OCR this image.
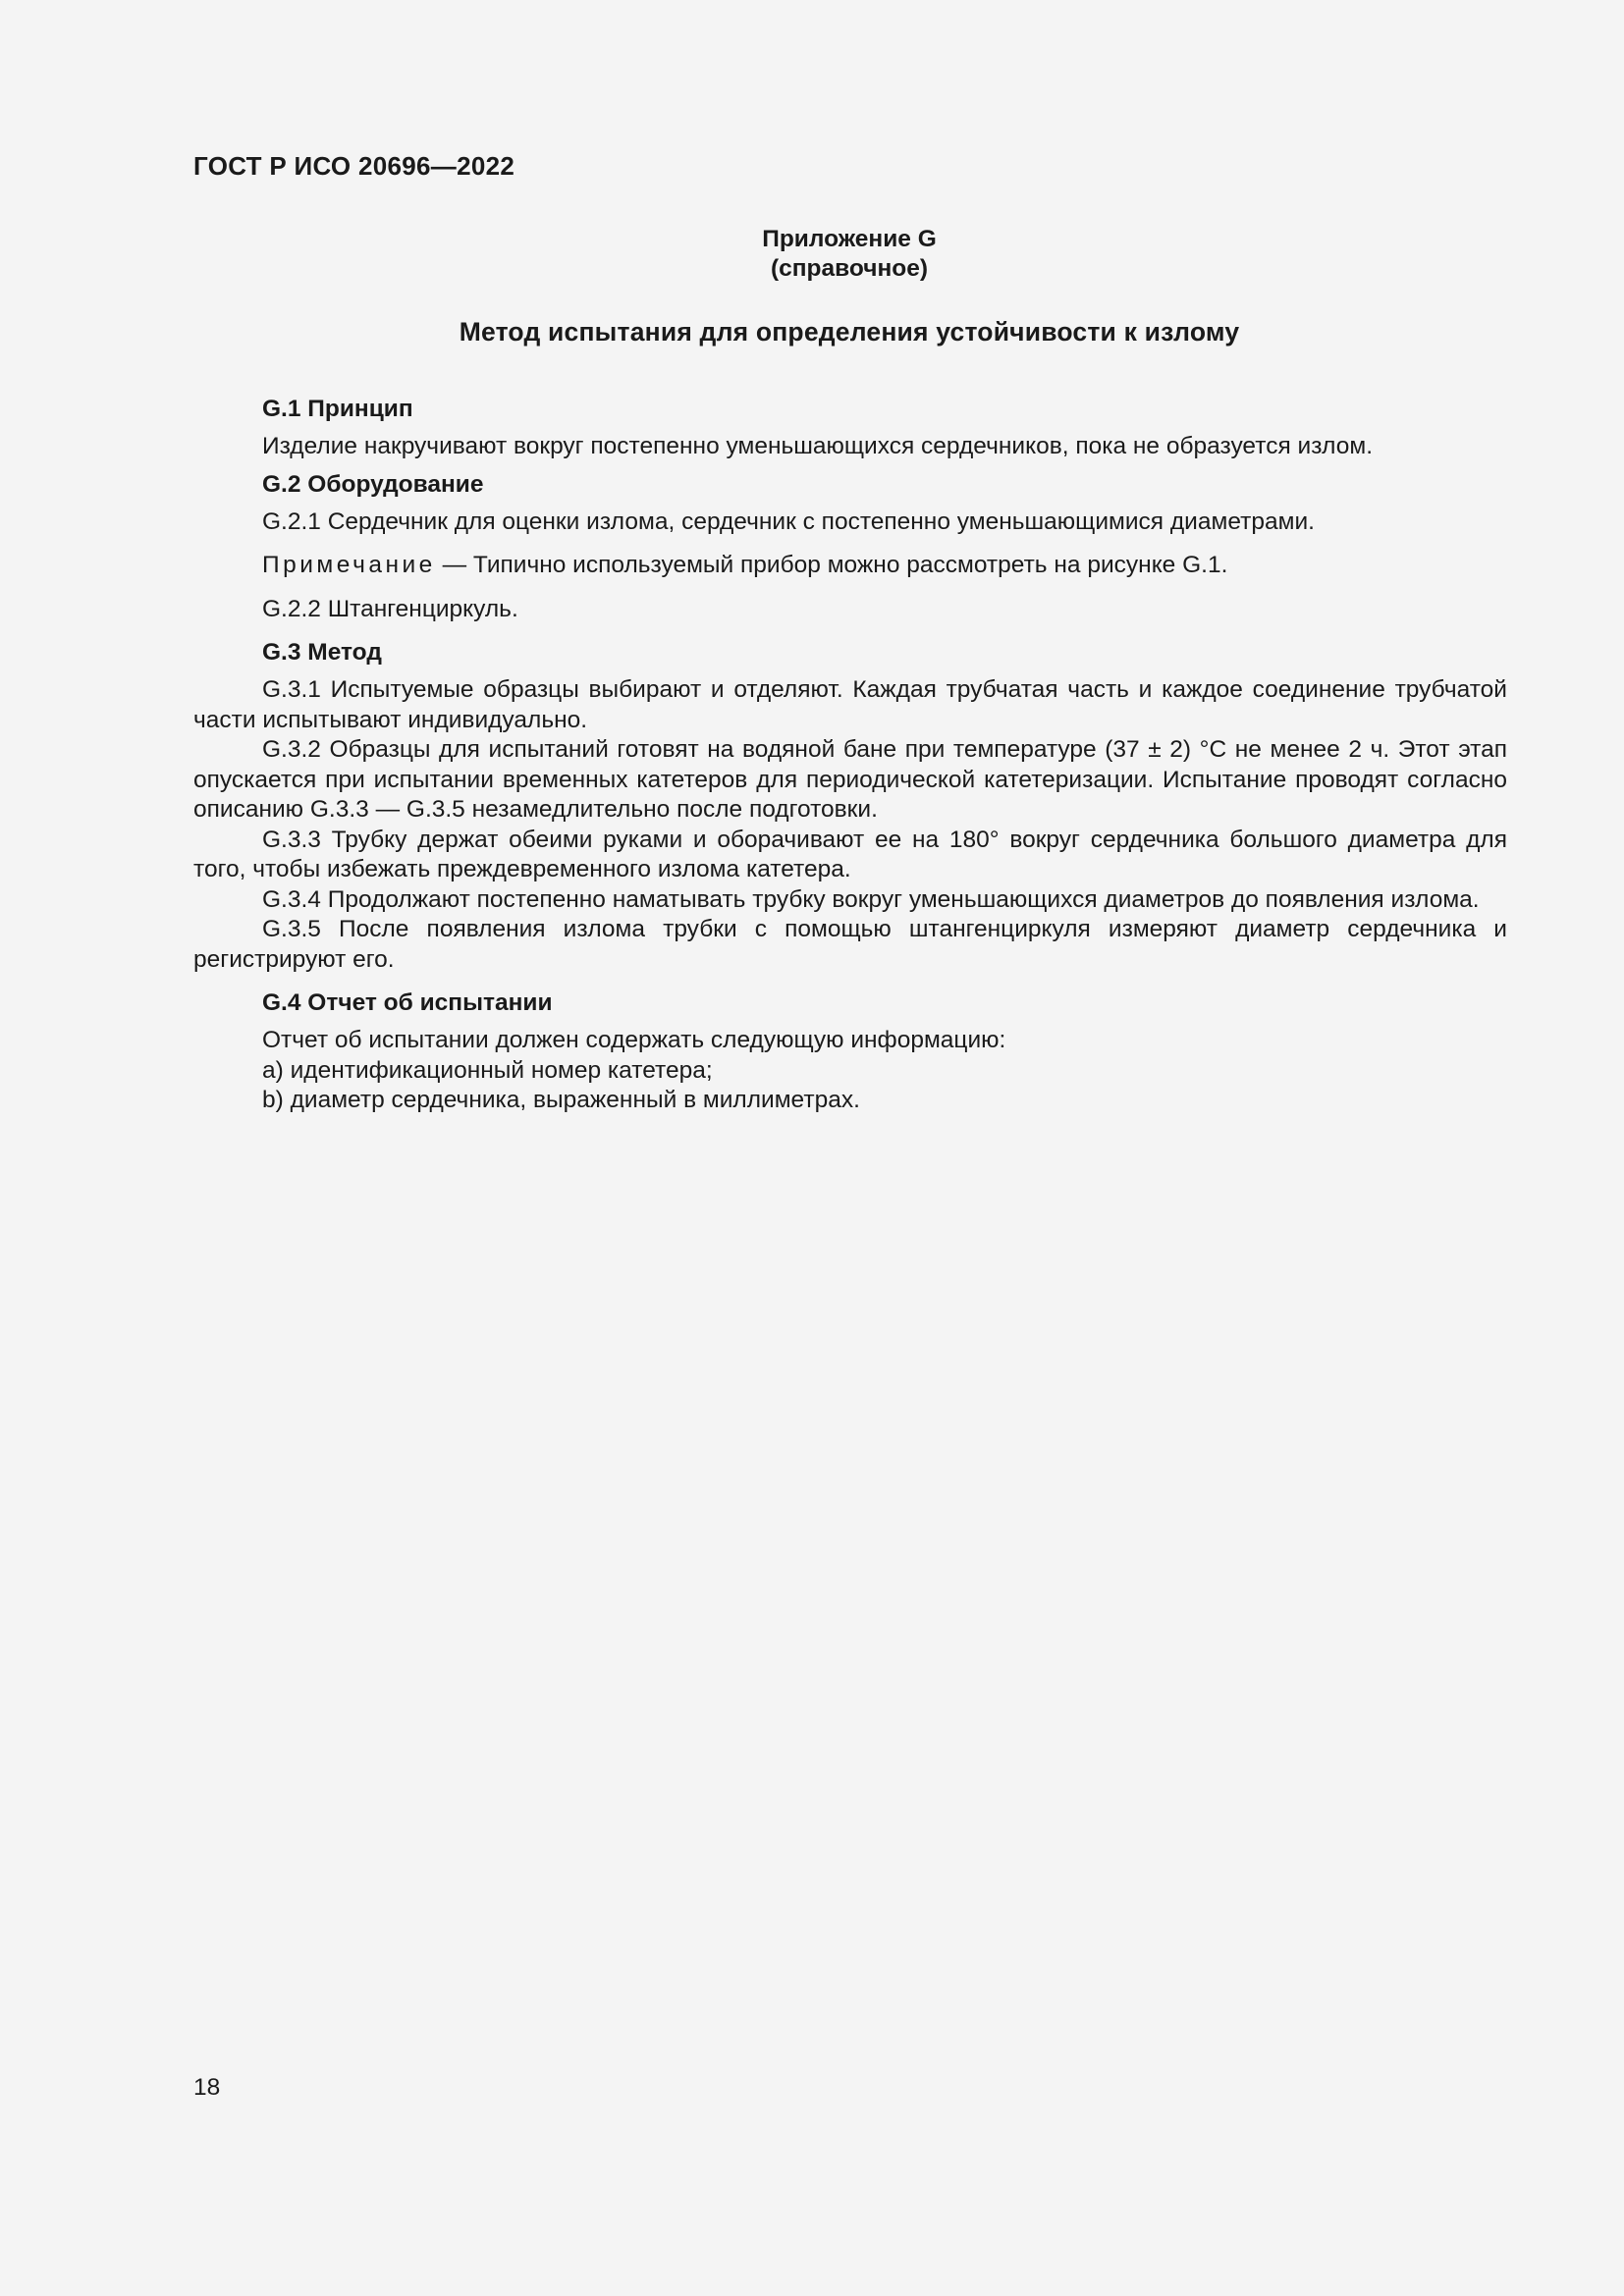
ГОСТ Р ИСО 20696—2022
Приложение G
(справочное)
Метод испытания для определения устойчивости к излому
G.1 Принцип

Изделие накручивают вокруг постепенно уменьшающихся сердечников, пока не образуется излом.

G.2 Оборудование

G.2.1 Сердечник для оценки излома, сердечник с постепенно уменьшающимися диаметрами.

Примечание — Типично используемый прибор можно рассмотреть на рисунке G.1.

G.2.2 Штангенциркуль.

G.3 Метод

G.3.1 Испытуемые образцы выбирают и отделяют. Каждая трубчатая часть и каждое соединение трубчатой части испытывают индивидуально.

G.3.2 Образцы для испытаний готовят на водяной бане при температуре (37 ± 2) °С не менее 2 ч. Этот этап опускается при испытании временных катетеров для периодической катетеризации. Испытание проводят согласно описанию G.3.3 — G.3.5 незамедлительно после подготовки.

G.3.3 Трубку держат обеими руками и оборачивают ее на 180° вокруг сердечника большого диаметра для того, чтобы избежать преждевременного излома катетера.

G.3.4 Продолжают постепенно наматывать трубку вокруг уменьшающихся диаметров до появления излома.

G.3.5 После появления излома трубки с помощью штангенциркуля измеряют диаметр сердечника и регистрируют его.

G.4 Отчет об испытании

Отчет об испытании должен содержать следующую информацию:

а) идентификационный номер катетера;

b) диаметр сердечника, выраженный в миллиметрах.

18
